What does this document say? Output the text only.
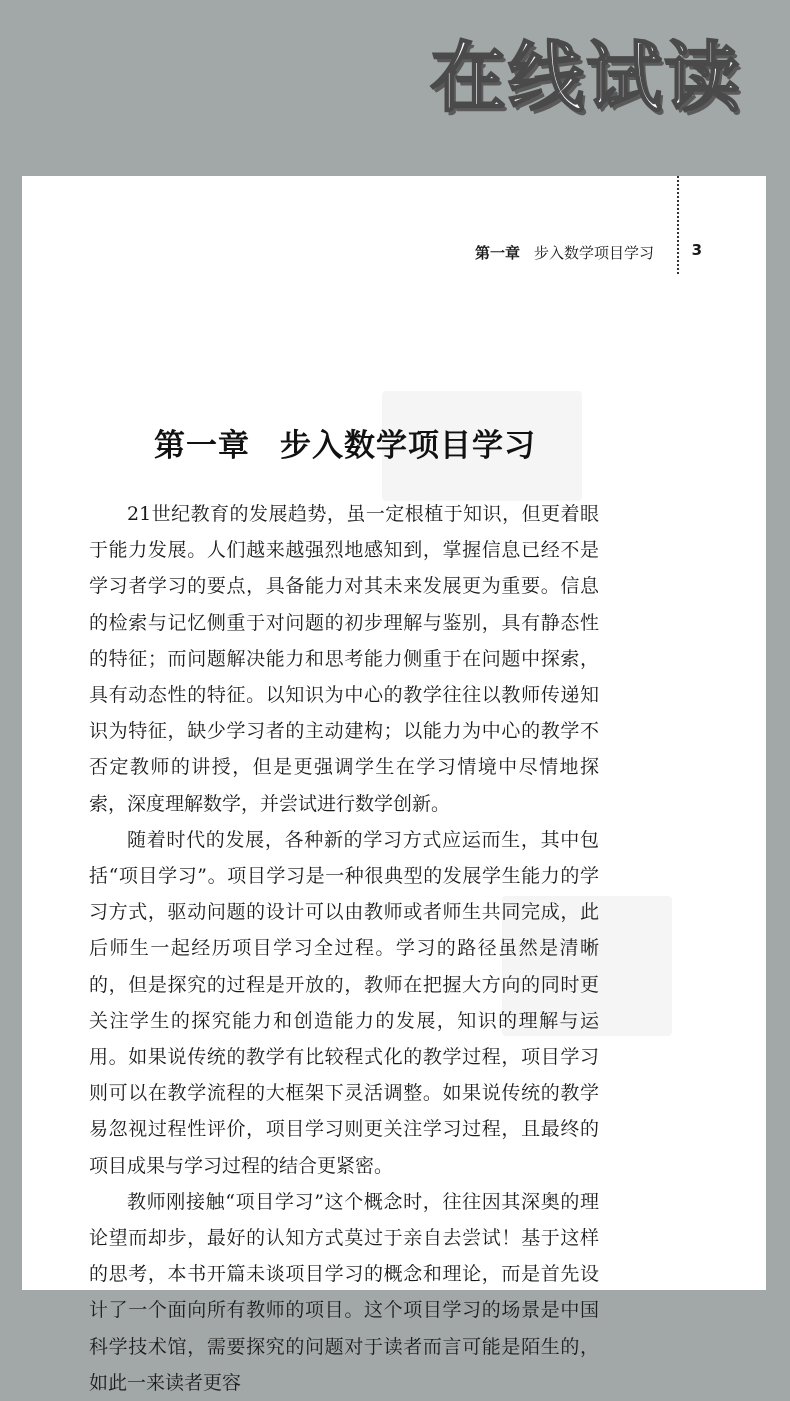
在线试读
第一章 步入数学项目学习	3
第一章 步入数学项目学习

21世纪教育的发展趋势，虽一定根植于知识，但更着眼于能力发展。人们越来越强烈地感知到，掌握信息已经不是学习者学习的要点，具备能力对其未来发展更为重要。信息的检索与记忆侧重于对问题的初步理解与鉴别，具有静态性的特征；而问题解决能力和思考能力侧重于在问题中探索，具有动态性的特征。以知识为中心的教学往往以教师传递知识为特征，缺少学习者的主动建构；以能力为中心的教学不否定教师的讲授，但是更强调学生在学习情境中尽情地探索，深度理解数学，并尝试进行数学创新。

随着时代的发展，各种新的学习方式应运而生，其中包括“项目学习”。项目学习是一种很典型的发展学生能力的学习方式，驱动问题的设计可以由教师或者师生共同完成，此后师生一起经历项目学习全过程。学习的路径虽然是清晰的，但是探究的过程是开放的，教师在把握大方向的同时更关注学生的探究能力和创造能力的发展，知识的理解与运用。如果说传统的教学有比较程式化的教学过程，项目学习则可以在教学流程的大框架下灵活调整。如果说传统的教学易忽视过程性评价，项目学习则更关注学习过程，且最终的项目成果与学习过程的结合更紧密。

教师刚接触“项目学习”这个概念时，往往因其深奥的理论望而却步，最好的认知方式莫过于亲自去尝试！基于这样的思考，本书开篇未谈项目学习的概念和理论，而是首先设计了一个面向所有教师的项目。这个项目学习的场景是中国科学技术馆，需要探究的问题对于读者而言可能是陌生的，如此一来读者更容
